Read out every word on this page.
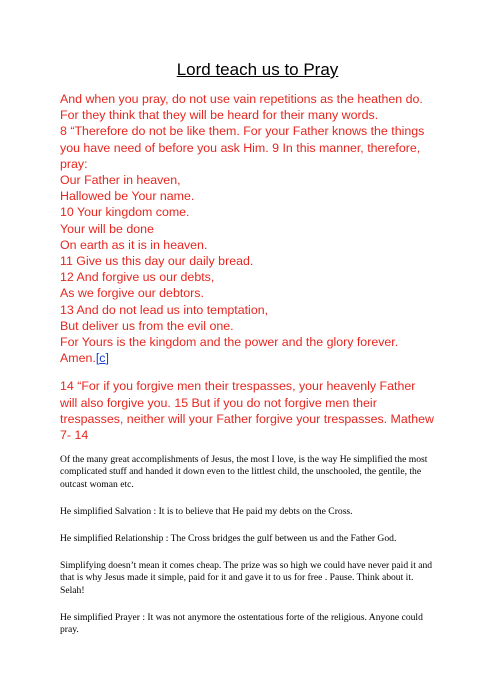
Lord teach us to Pray
And when you pray, do not use vain repetitions as the heathen do.
For they think that they will be heard for their many words.
8 “Therefore do not be like them. For your Father knows the things
you have need of before you ask Him. 9 In this manner, therefore,
pray:
Our Father in heaven,
Hallowed be Your name.
10 Your kingdom come.
Your will be done
On earth as it is in heaven.
11 Give us this day our daily bread.
12 And forgive us our debts,
As we forgive our debtors.
13 And do not lead us into temptation,
But deliver us from the evil one.
For Yours is the kingdom and the power and the glory forever.
Amen.[c]
14 “For if you forgive men their trespasses, your heavenly Father
will also forgive you. 15 But if you do not forgive men their
trespasses, neither will your Father forgive your trespasses. Mathew
7- 14

Of the many great accomplishments of Jesus, the most I love, is the way He simplified the most
complicated stuff and handed it down even to the littlest child, the unschooled, the gentile, the
outcast woman etc.

He simplified Salvation : It is to believe that He paid my debts on the Cross.

He simplified Relationship : The Cross bridges the gulf between us and the Father God.

Simplifying doesn’t mean it comes cheap. The prize was so high we could have never paid it and
that is why Jesus made it simple, paid for it and gave it to us for free . Pause. Think about it.
Selah!

He simplified Prayer : It was not anymore the ostentatious forte of the religious. Anyone could
pray.
